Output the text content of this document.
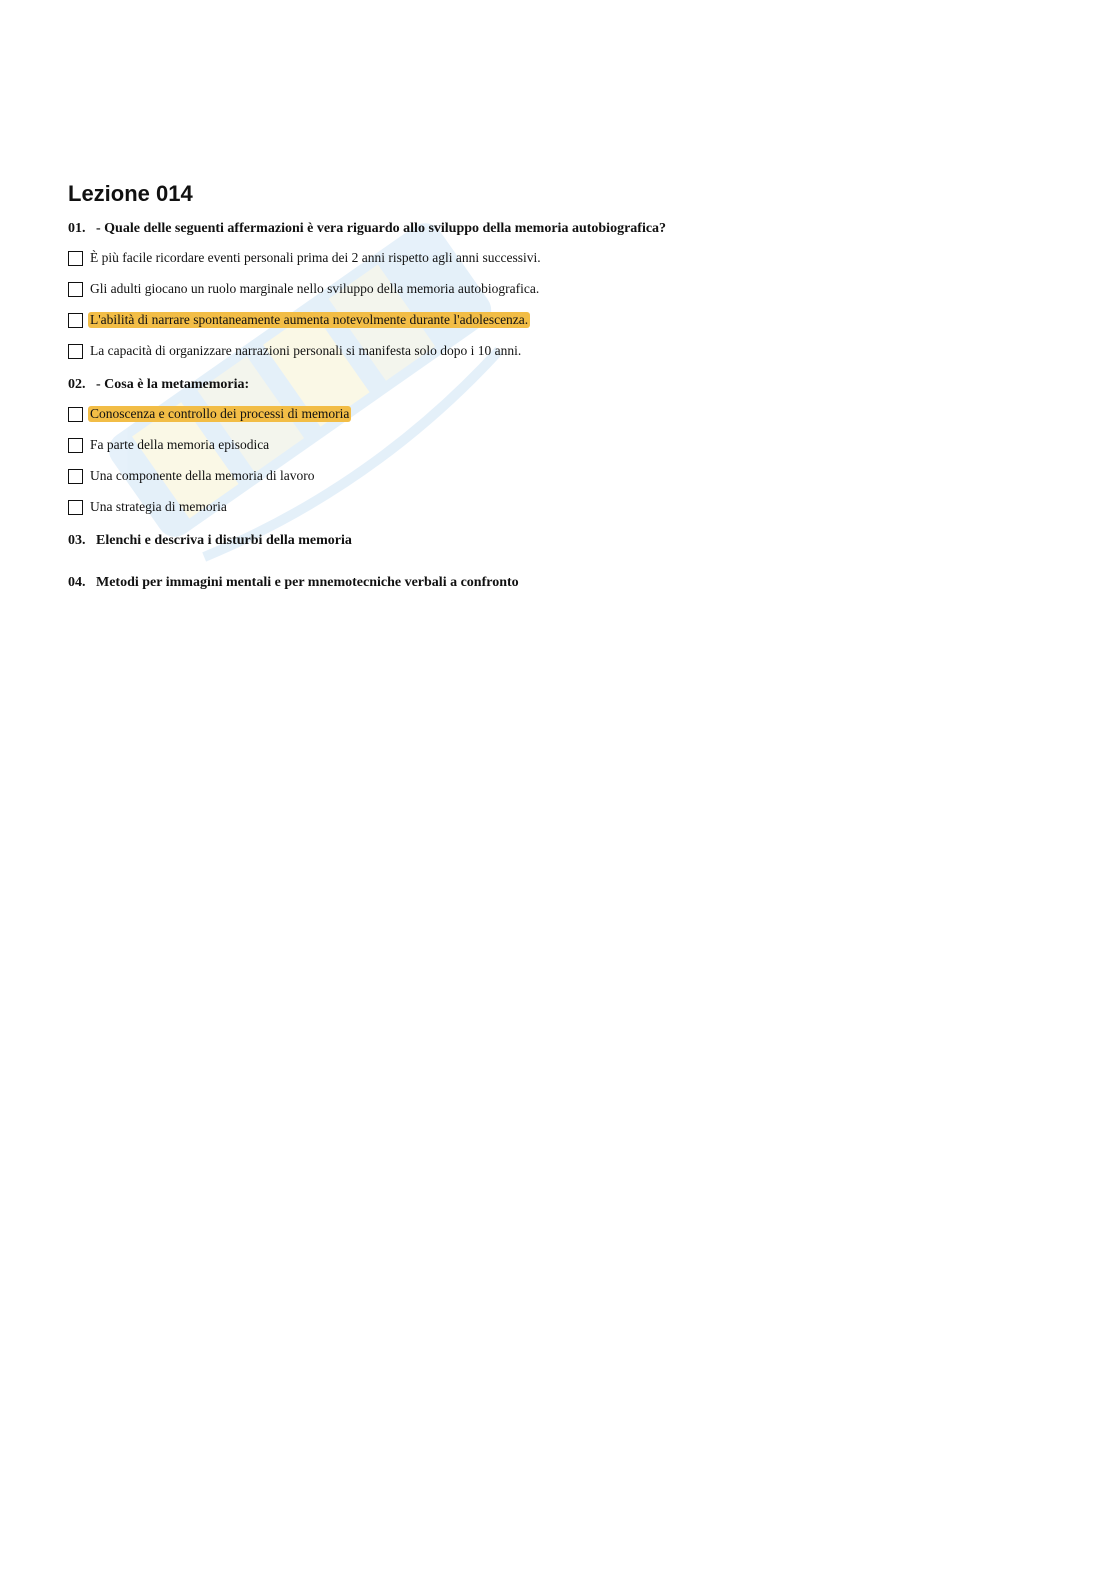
Lezione 014
01. - Quale delle seguenti affermazioni è vera riguardo allo sviluppo della memoria autobiografica?
È più facile ricordare eventi personali prima dei 2 anni rispetto agli anni successivi.
Gli adulti giocano un ruolo marginale nello sviluppo della memoria autobiografica.
L'abilità di narrare spontaneamente aumenta notevolmente durante l'adolescenza.
La capacità di organizzare narrazioni personali si manifesta solo dopo i 10 anni.
02. - Cosa è la metamemoria:
Conoscenza e controllo dei processi di memoria
Fa parte della memoria episodica
Una componente della memoria di lavoro
Una strategia di memoria
03. Elenchi e descriva i disturbi della memoria
04. Metodi per immagini mentali e per mnemotecniche verbali a confronto
